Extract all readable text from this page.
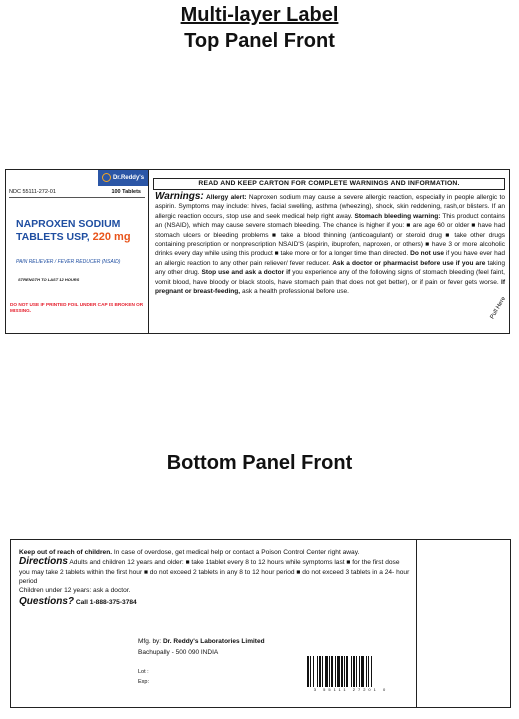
Multi-layer Label
Top Panel Front
Dr.Reddy's
NDC 55111-272-01	100 Tablets
NAPROXEN SODIUM
TABLETS USP, 220 mg
PAIN RELIEVER / FEVER REDUCER (NSAID)
STRENGTH TO LAST 12 HOURS
DO NOT USE IF PRINTED FOIL UNDER CAP IS BROKEN OR MISSING.
READ AND KEEP CARTON FOR COMPLETE WARNINGS AND INFORMATION.
Warnings: Allergy alert: Naproxen sodium may cause a severe allergic reaction, especially in people allergic to aspirin. Symptoms may include: hives, facial swelling, asthma (wheezing), shock, skin reddening, rash,or blisters. If an allergic reaction occurs, stop use and seek medical help right away. Stomach bleeding warning: This product contains an (NSAID), which may cause severe stomach bleeding. The chance is higher if you: ■ are age 60 or older ■ have had stomach ulcers or bleeding problems ■ take a blood thinning (anticoagulant) or steroid drug ■ take other drugs containing prescription or nonprescription NSAID'S (aspirin, ibuprofen, naproxen, or others) ■ have 3 or more alcoholic drinks every day while using this product ■ take more or for a longer time than directed. Do not use if you have ever had an allergic reaction to any other pain reliever/ fever reducer. Ask a doctor or pharmacist before use if you are taking any other drug. Stop use and ask a doctor if you experience any of the following signs of stomach bleeding (feel faint, vomit blood, have bloody or black stools, have stomach pain that does not get better), or if pain or fever gets worse. If pregnant or breast-feeding, ask a health professional before use.
Pull Here
Bottom Panel Front
Keep out of reach of children. In case of overdose, get medical help or contact a Poison Control Center right away.
Directions Adults and children 12 years and older: ■ take 1tablet every 8 to 12 hours while symptoms last ■ for the first dose you may take 2 tablets within the first hour ■ do not exceed 2 tablets in any 8 to 12 hour period ■ do not exceed 3 tablets in a 24- hour period
Children under 12 years: ask a doctor.
Questions? Call 1-888-375-3784
Mfg. by: Dr. Reddy's Laboratories Limited
Bachupally - 500 090 INDIA
Lot :
Exp:
3 55111 27201 0
